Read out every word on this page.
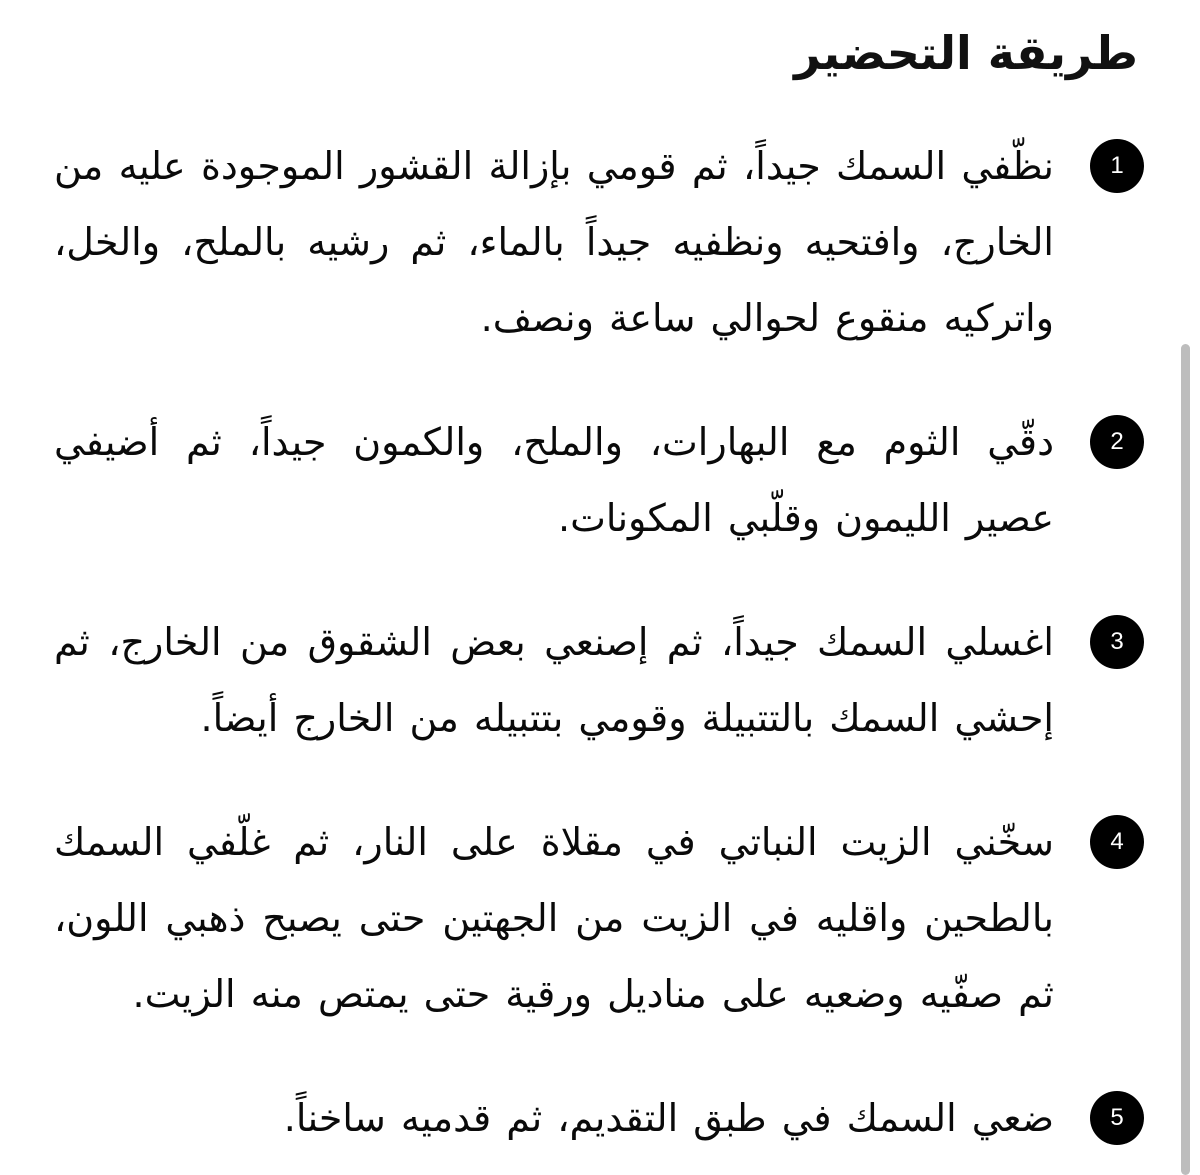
طريقة التحضير
1

نظّفي السمك جيداً، ثم قومي بإزالة القشور الموجودة عليه من الخارج، وافتحيه ونظفيه جيداً بالماء، ثم رشيه بالملح، والخل، واتركيه منقوع لحوالي ساعة ونصف.

2

دقّي الثوم مع البهارات، والملح، والكمون جيداً، ثم أضيفي عصير الليمون وقلّبي المكونات.

3

اغسلي السمك جيداً، ثم إصنعي بعض الشقوق من الخارج، ثم إحشي السمك بالتتبيلة وقومي بتتبيله من الخارج أيضاً.

4

سخّني الزيت النباتي في مقلاة على النار، ثم غلّفي السمك بالطحين واقليه في الزيت من الجهتين حتى يصبح ذهبي اللون، ثم صفّيه وضعيه على مناديل ورقية حتى يمتص منه الزيت.

5

ضعي السمك في طبق التقديم، ثم قدميه ساخناً.
